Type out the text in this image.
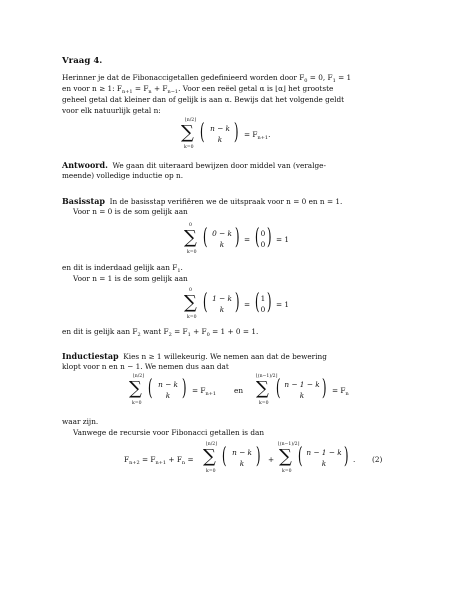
Vraag 4.
Herinner je dat de Fibonaccigetallen gedefinieerd worden door $F_0 = 0$, $F_1 = 1$
en voor n ≥ 1: $F_{n+1} = F_n + F_{n-1}$. Voor een reëel getal α is ⌊α⌋ het grootste
geheel getal dat kleiner dan of gelijk is aan α. Bewijs dat het volgende geldt
voor elk natuurlijk getal n:
⌊n/2⌋
∑
k=0
( n − k
k ) = $F_{n+1}$.
Antwoord. We gaan dit uiteraard bewijzen door middel van (veralge-
meende) volledige inductie op n.
Basisstap In de basisstap verifiëren we de uitspraak voor n = 0 en n = 1.
Voor n = 0 is de som gelijk aan
0
∑
k=0
( 0 − k
k ) = ( 0
0 ) = 1
en dit is inderdaad gelijk aan $F_1$.
Voor n = 1 is de som gelijk aan
0
∑
k=0
( 1 − k
k ) = ( 1
0 ) = 1
en dit is gelijk aan $F_2$ want $F_2 = F_1 + F_0 = 1 + 0 = 1$.
Inductiestap Kies n ≥ 1 willekeurig. We nemen aan dat de bewering
klopt voor n en n − 1. We nemen dus aan dat
⌊n/2⌋
∑
k=0
( n − k
k ) = $F_{n+1}$ en
⌊(n−1)/2⌋
∑
k=0
( n − 1 − k
k ) = $F_n$
waar zijn.
Vanwege de recursie voor Fibonacci getallen is dan
$F_{n+2} = F_{n+1} + F_n$ =
⌊n/2⌋
∑
k=0
( n − k
k ) +
⌊(n−1)/2⌋
∑
k=0
( n − 1 − k
k ) . (2)
